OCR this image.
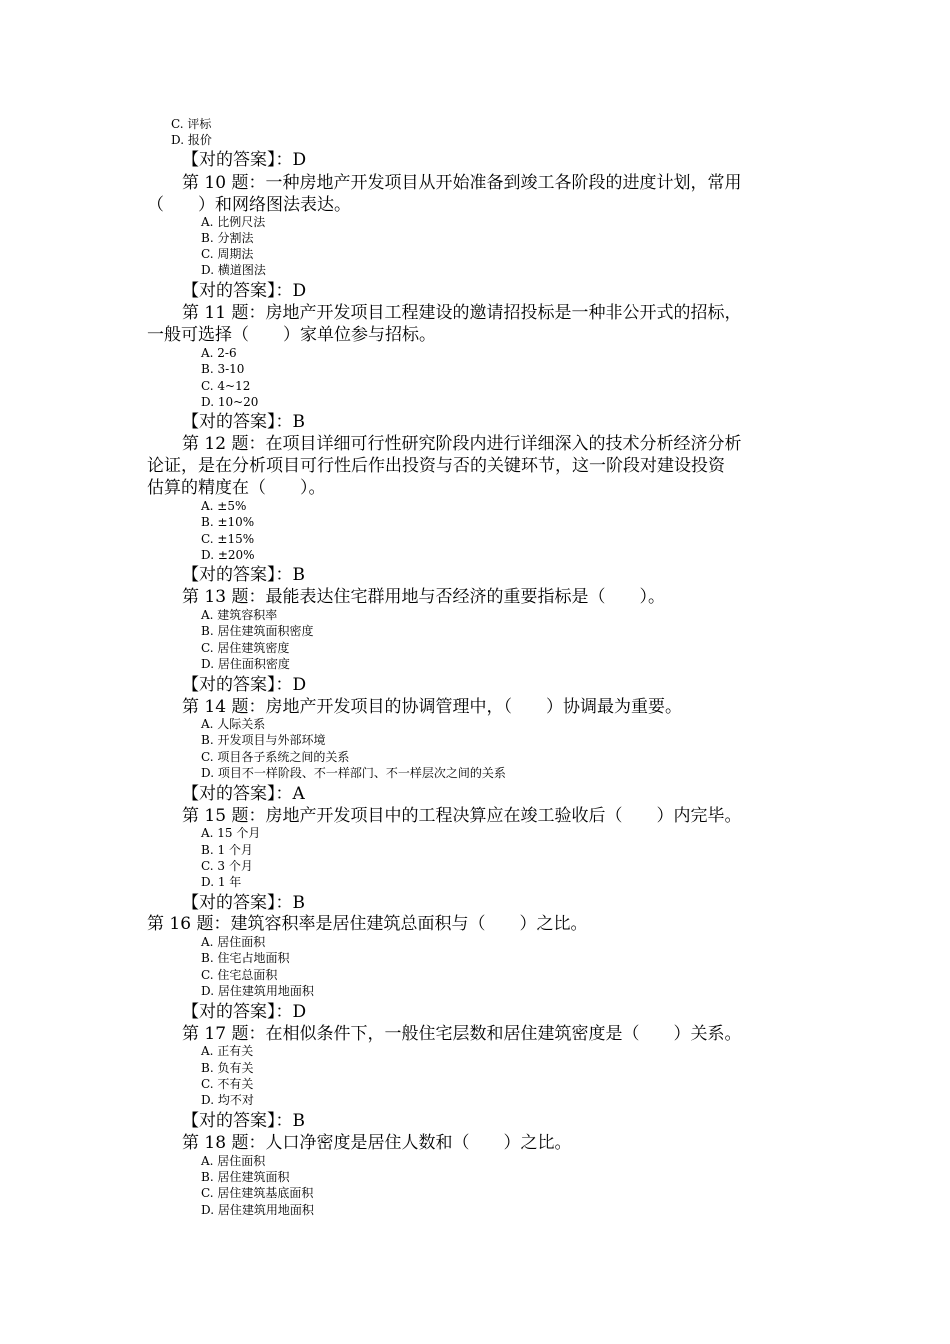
C. 评标
D. 报价
【对的答案】：D
第 10 题：一种房地产开发项目从开始准备到竣工各阶段的进度计划，常用
（　　）和网络图法表达。
A. 比例尺法
B. 分割法
C. 周期法
D. 横道图法
【对的答案】：D
第 11 题：房地产开发项目工程建设的邀请招投标是一种非公开式的招标，
一般可选择（　　）家单位参与招标。
A. 2-6
B. 3-10
C. 4~12
D. 10~20
【对的答案】：B
第 12 题：在项目详细可行性研究阶段内进行详细深入的技术分析经济分析
论证，是在分析项目可行性后作出投资与否的关键环节，这一阶段对建设投资
估算的精度在（　　）。
A. ±5%
B. ±10%
C. ±15%
D. ±20%
【对的答案】：B
第 13 题：最能表达住宅群用地与否经济的重要指标是（　　）。
A. 建筑容积率
B. 居住建筑面积密度
C. 居住建筑密度
D. 居住面积密度
【对的答案】：D
第 14 题：房地产开发项目的协调管理中，（　　）协调最为重要。
A. 人际关系
B. 开发项目与外部环境
C. 项目各子系统之间的关系
D. 项目不一样阶段、不一样部门、不一样层次之间的关系
【对的答案】：A
第 15 题：房地产开发项目中的工程决算应在竣工验收后（　　）内完毕。
A. 15 个月
B. 1 个月
C. 3 个月
D. 1 年
【对的答案】：B
第 16 题：建筑容积率是居住建筑总面积与（　　）之比。
A. 居住面积
B. 住宅占地面积
C. 住宅总面积
D. 居住建筑用地面积
【对的答案】：D
第 17 题：在相似条件下，一般住宅层数和居住建筑密度是（　　）关系。
A. 正有关
B. 负有关
C. 不有关
D. 均不对
【对的答案】：B
第 18 题：人口净密度是居住人数和（　　）之比。
A. 居住面积
B. 居住建筑面积
C. 居住建筑基底面积
D. 居住建筑用地面积
